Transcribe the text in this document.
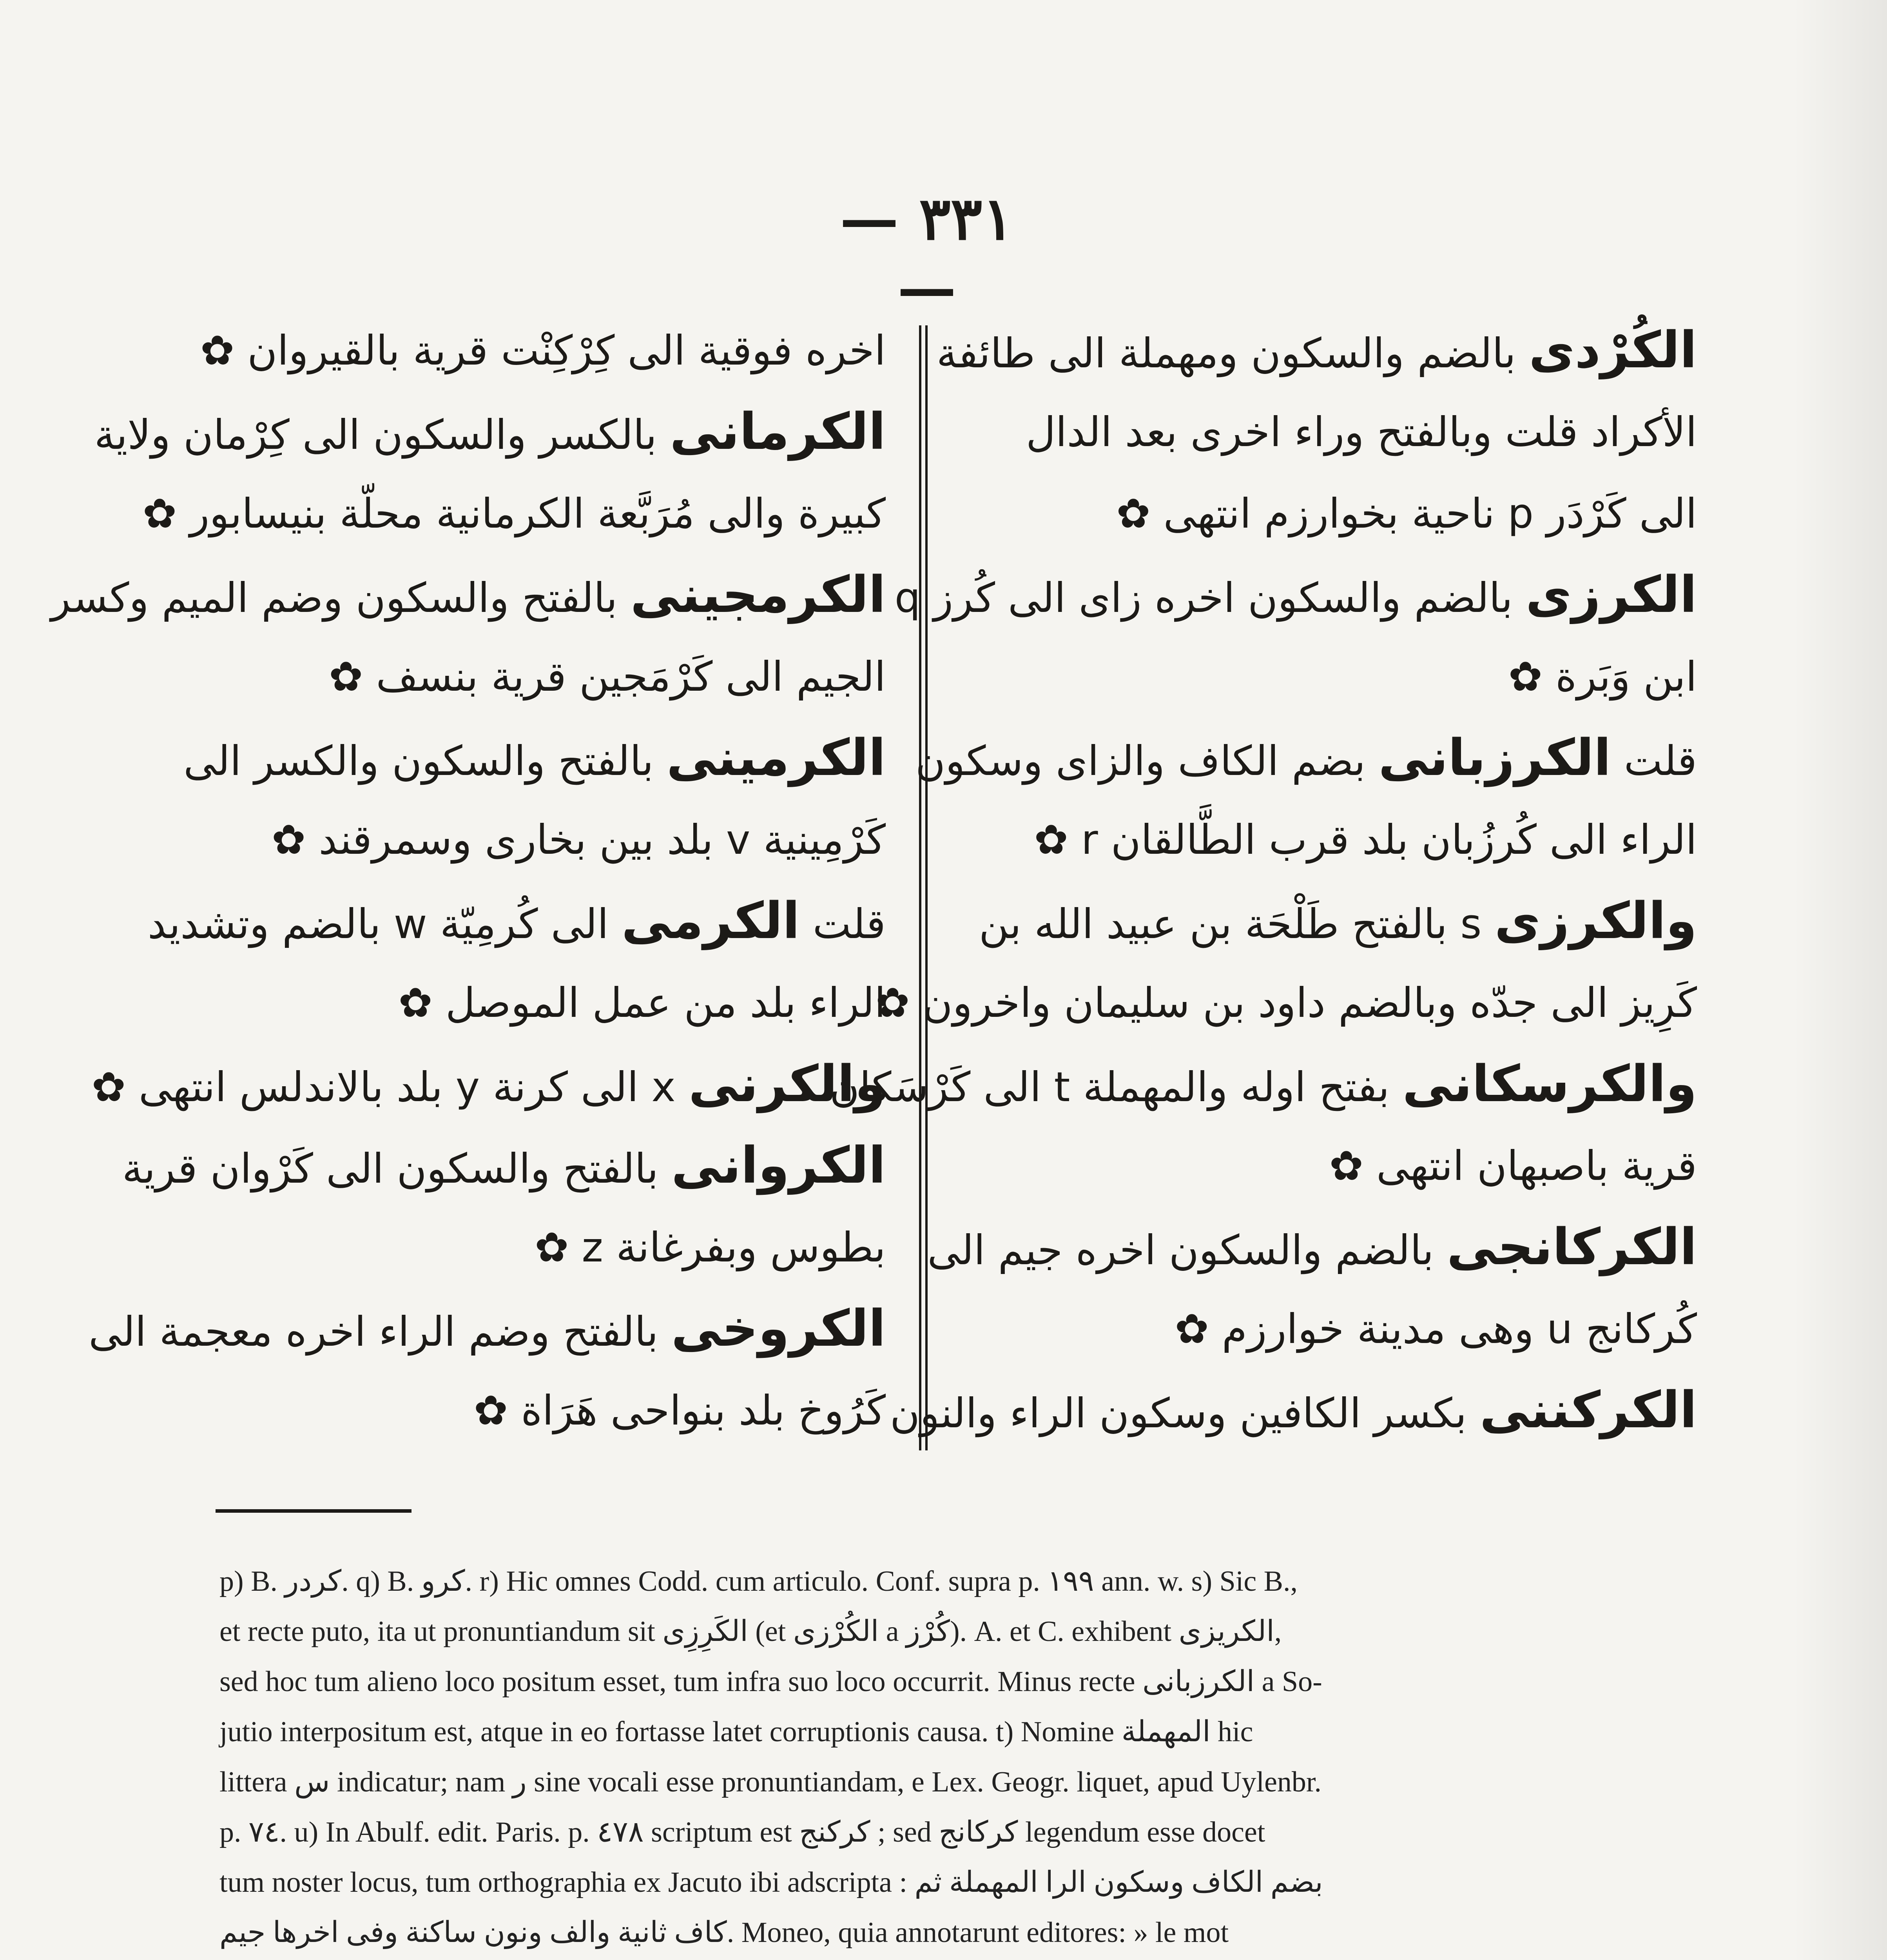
— ٣٣١ —
الكُرْدى بالضم والسكون ومهملة الى طائفة
الأكراد قلت وبالفتح وراء اخرى بعد الدال
الى كَرْدَر p ناحية بخوارزم انتهى ✿
الكرزى بالضم والسكون اخره زاى الى كُرز q
ابن وَبَرة ✿
قلت الكرزبانى بضم الكاف والزاى وسكون
الراء الى كُرزُبان بلد قرب الطَّالقان r ✿
والكرزى s بالفتح طَلْحَة بن عبيد الله بن
كَرِيز الى جدّه وبالضم داود بن سليمان واخرون ✿
والكرسكانى بفتح اوله والمهملة t الى كَرْسَكان
قرية باصبهان انتهى ✿
الكركانجى بالضم والسكون اخره جيم الى
كُركانج u وهى مدينة خوارزم ✿
الكركننى بكسر الكافين وسكون الراء والنون
اخره فوقية الى كِرْكِنْت قرية بالقيروان ✿
الكرمانى بالكسر والسكون الى كِرْمان ولاية
كبيرة والى مُرَبَّعة الكرمانية محلّة بنيسابور ✿
الكرمجينى بالفتح والسكون وضم الميم وكسر
الجيم الى كَرْمَجين قرية بنسف ✿
الكرمينى بالفتح والسكون والكسر الى
كَرْمِينية v بلد بين بخارى وسمرقند ✿
قلت الكرمى الى كُرمِيّة w بالضم وتشديد
الراء بلد من عمل الموصل ✿
والكرنى x الى كرنة y بلد بالاندلس انتهى ✿
الكروانى بالفتح والسكون الى كَرْوان قرية
بطوس وبفرغانة z ✿
الكروخى بالفتح وضم الراء اخره معجمة الى
كَرُوخ بلد بنواحى هَرَاة ✿
p) B. كردر. q) B. كرو. r) Hic omnes Codd. cum articulo. Conf. supra p. ١٩٩ ann. w. s) Sic B.,
et recte puto, ita ut pronuntiandum sit الكَرِزِى (et الكُرْزى a كُرْز). A. et C. exhibent الكريزى,
sed hoc tum alieno loco positum esset, tum infra suo loco occurrit. Minus recte الكرزبانى a So-
jutio interpositum est, atque in eo fortasse latet corruptionis causa. t) Nomine المهملة hic
littera س indicatur; nam ر sine vocali esse pronuntiandam, e Lex. Geogr. liquet, apud Uylenbr.
p. ٧٤. u) In Abulf. edit. Paris. p. ٤٧٨ scriptum est كركنج ; sed كركانج legendum esse docet
tum noster locus, tum orthographia ex Jacuto ibi adscripta : بضم الكاف وسكون الرا المهملة ثم
كاف ثانية والف ونون ساكنة وفى اخرها جيم. Moneo, quia annotarunt editores: » le mot
